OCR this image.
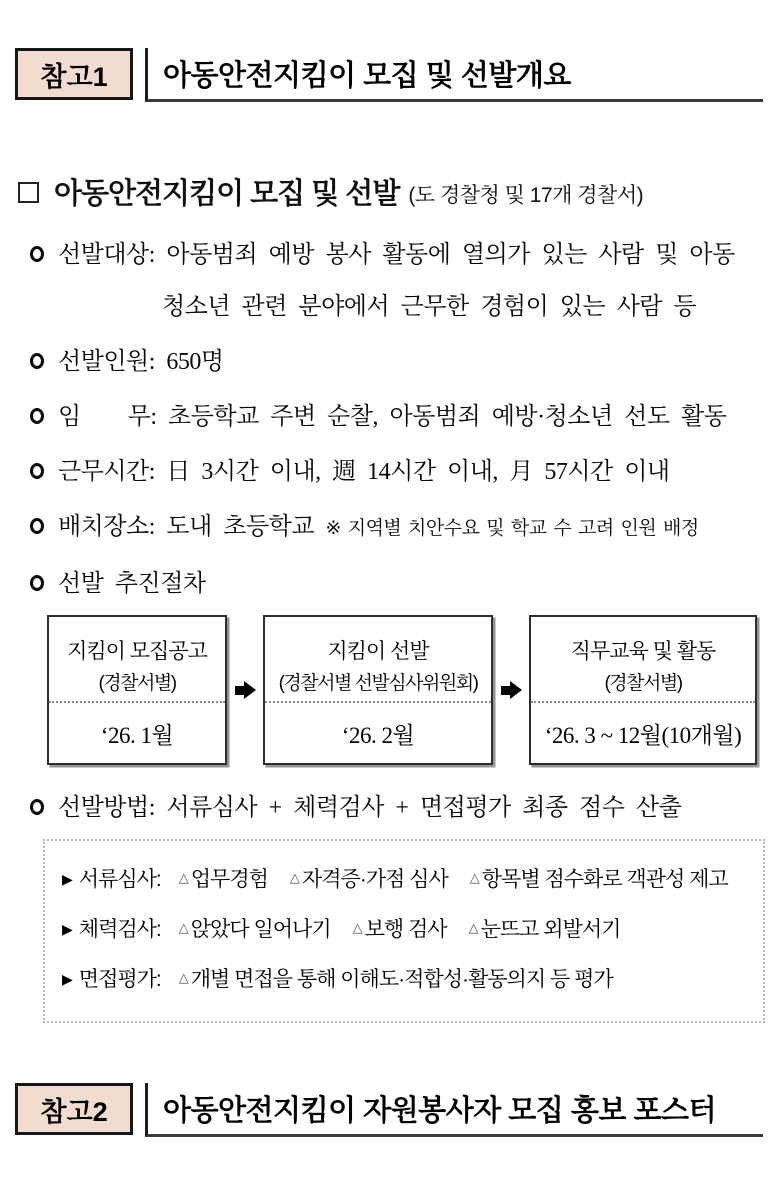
참고1	아동안전지킴이 모집 및 선발개요
아동안전지킴이 모집 및 선발 (도 경찰청 및 17개 경찰서)
선발대상: 아동범죄 예방 봉사 활동에 열의가 있는 사람 및 아동
청소년 관련 분야에서 근무한 경험이 있는 사람 등
선발인원: 650명
임　　무: 초등학교 주변 순찰, 아동범죄 예방·청소년 선도 활동
근무시간: 日 3시간 이내, 週 14시간 이내, 月 57시간 이내
배치장소: 도내 초등학교 ※ 지역별 치안수요 및 학교 수 고려 인원 배정
선발 추진절차
지킴이 모집공고
(경찰서별)
‘26. 1월
지킴이 선발
(경찰서별 선발심사위원회)
‘26. 2월
직무교육 및 활동
(경찰서별)
‘26. 3 ~ 12월(10개월)
선발방법: 서류심사 + 체력검사 + 면접평가 최종 점수 산출
▶ 서류심사: △ 업무경험 △ 자격증·가점 심사 △ 항목별 점수화로 객관성 제고
▶ 체력검사: △ 앉았다 일어나기 △ 보행 검사 △ 눈뜨고 외발서기
▶ 면접평가: △ 개별 면접을 통해 이해도·적합성·활동의지 등 평가
참고2	아동안전지킴이 자원봉사자 모집 홍보 포스터
